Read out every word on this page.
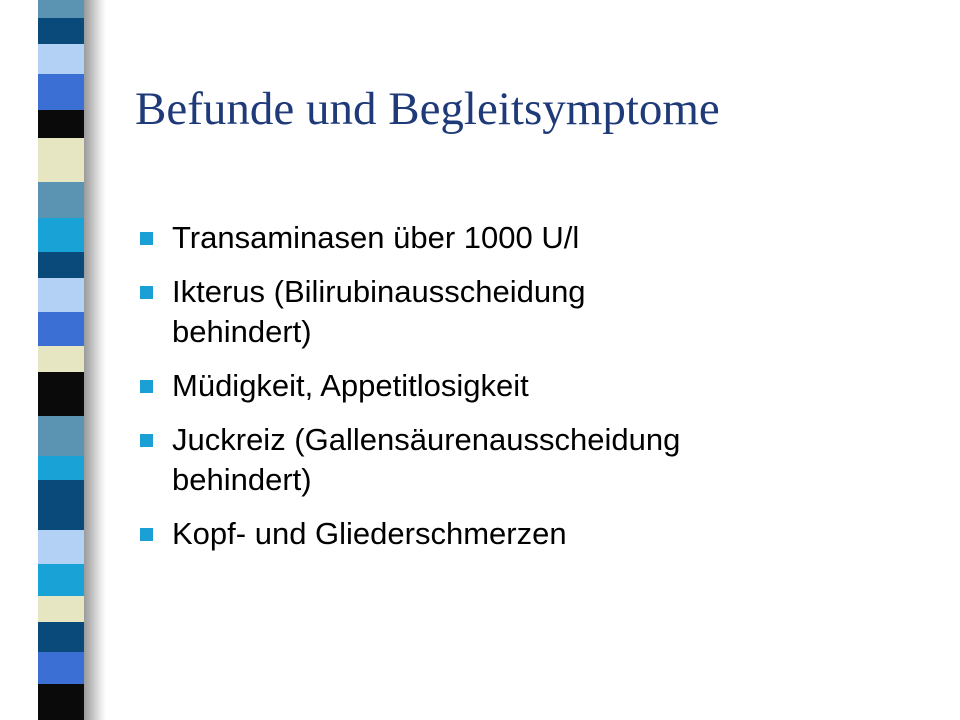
Befunde und Begleitsymptome
Transaminasen über 1000 U/l
Ikterus (Bilirubinausscheidung
behindert)
Müdigkeit, Appetitlosigkeit
Juckreiz (Gallensäurenausscheidung
behindert)
Kopf- und Gliederschmerzen
